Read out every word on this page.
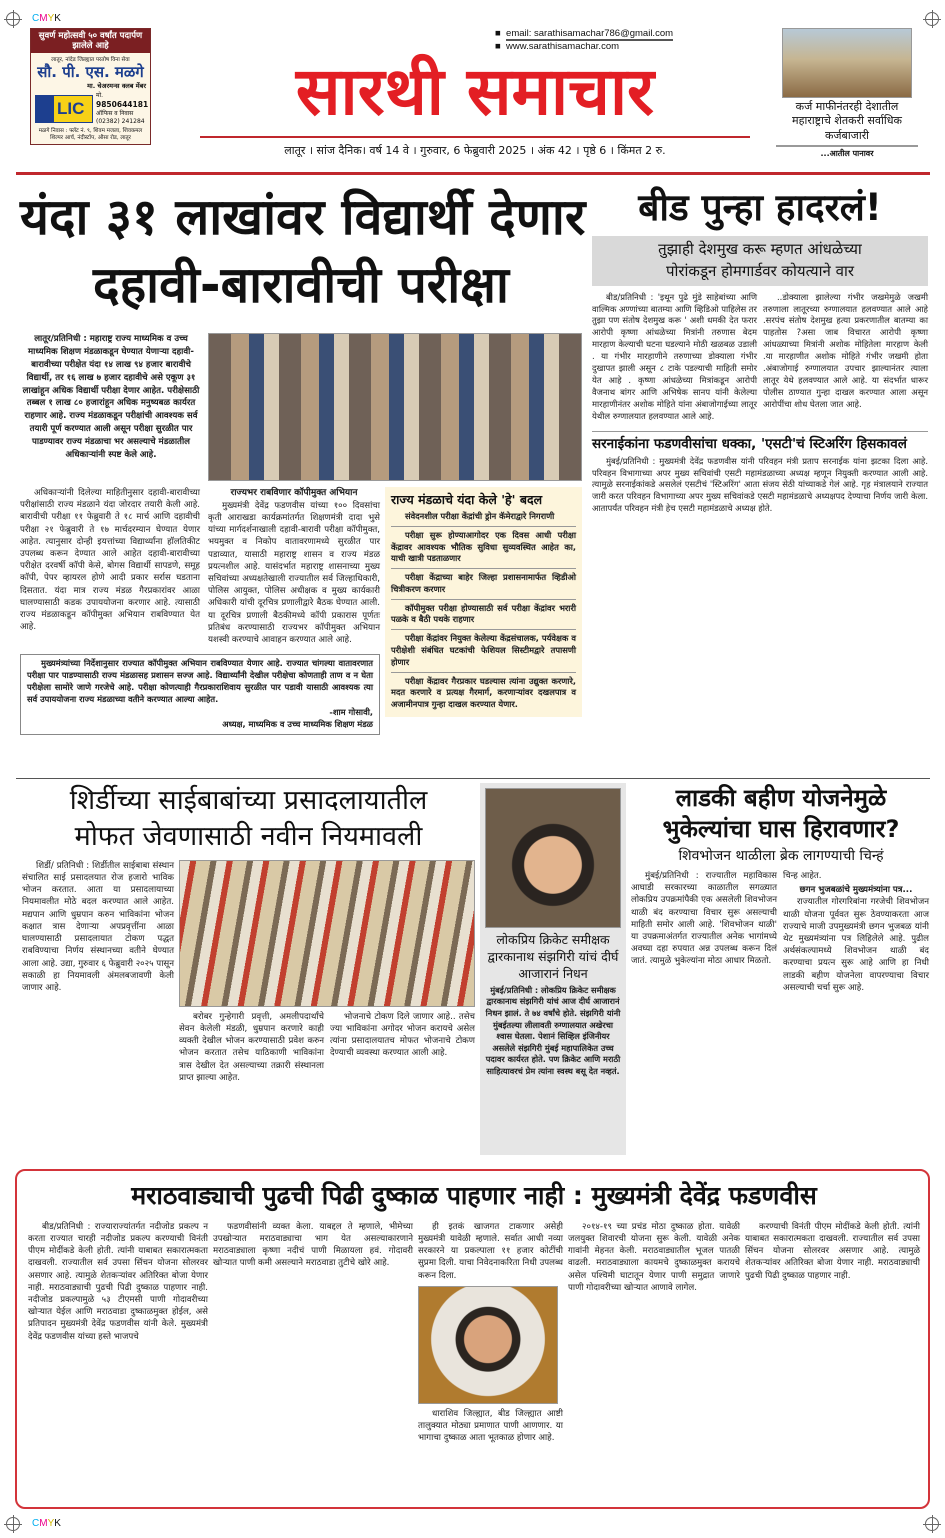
CMYK
सुवर्ण महोत्सवी ५० वर्षांत पदार्पण झालेले आहे
लातूर, नांदेड जिल्ह्यात परतोष विना सेवा
सौ. पी. एस. मळगे
मा. चेअरमन्स क्लब मेंबर
LIC
मो.
9850644181
ऑफिस व निवास
(02382) 241284
मळगे निवास : फ्लॅट नं. ९, शिवम मजला, शिवकमल शिल्पर आर्च, नंदीस्टॉप, औसा रोड, लातूर
■  email: sarathisamachar786@gmail.com
■  www.sarathisamachar.com
सारथी समाचार
लातूर । सांज दैनिक। वर्ष 14 वे । गुरुवार, 6 फेब्रुवारी 2025 । अंक 42 । पृष्ठे 6 । किंमत 2 रु.
कर्ज माफीनंतरही देशातील महाराष्ट्राचे शेतकरी सर्वाधिक कर्जबाजारी
...आतील पानावर
यंदा ३१ लाखांवर विद्यार्थी देणार
दहावी-बारावीची परीक्षा
लातूर/प्रतिनिधी : महाराष्ट्र राज्य माध्यमिक व उच्च माध्यमिक शिक्षण मंडळाकडून घेण्यात येणाऱ्या दहावी-बारावीच्या परीक्षेत यंदा १४ लाख ९४ हजार बारावीचे विद्यार्थी, तर १६ लाख ७ हजार दहावीचे असे एकूण ३१ लाखांहून अधिक विद्यार्थी परीक्षा देणार आहेत. परीक्षेसाठी तब्बल १ लाख ८० हजारांहून अधिक मनुष्यबळ कार्यरत राहणार आहे. राज्य मंडळाकडून परीक्षांची आवश्यक सर्व तयारी पूर्ण करण्यात आली असून परीक्षा सुरळीत पार पाडण्यावर राज्य मंडळाचा भर असल्याचे मंडळातील अधिकाऱ्यांनी स्पष्ट केले आहे.

अधिकाऱ्यांनी दिलेल्या माहितीनुसार दहावी-बारावीच्या परीक्षांसाठी राज्य मंडळाने यंदा जोरदार तयारी केली आहे. बारावीची परीक्षा ११ फेब्रुवारी ते १८ मार्च आणि दहावीची परीक्षा २१ फेब्रुवारी ते १७ मार्चदरम्यान घेण्यात येणार आहेत. त्यानुसार दोन्ही इयत्तांच्या विद्यार्थ्यांना हॉलतिकीट उपलब्ध करून देण्यात आले आहेत दहावी-बारावीच्या परीक्षेत दरवर्षी कॉपी केसे, बोगस विद्यार्थी सापडणे, समूह कॉपी, पेपर व्हायरल होणे आदी प्रकार सर्रास घडताना दिसतात. यंदा मात्र राज्य मंडळ गैरप्रकारांवर आळा घालण्यासाठी कडक उपाययोजना करणार आहे. त्यासाठी राज्य मंडळाकडून कॉपीमुक्त अभियान राबविण्यात येत आहे.

राज्यभर राबविणार कॉपीमुक्त अभियान

मुख्यमंत्री देवेंद्र फडणवीस यांच्या १०० दिवसांचा कृती आराखडा कार्यक्रमांतर्गत शिक्षणमंत्री दादा भुसे यांच्या मार्गदर्शनाखाली दहावी-बारावी परीक्षा कॉपीमुक्त, भयमुक्त व निकोप वातावरणामध्ये सुरळीत पार पडाव्यात, यासाठी महाराष्ट्र शासन व राज्य मंडळ प्रयत्नशील आहे. यासंदर्भात महाराष्ट्र शासनाच्या मुख्य सचिवांच्या अध्यक्षतेखाली राज्यातील सर्व जिल्हाधिकारी, पोलिस आयुक्त, पोलिस अधीक्षक व मुख्य कार्यकारी अधिकारी यांची दूरचित्र प्रणालीद्वारे बैठक घेण्यात आली. या दूरचित्र प्रणाली बैठकीमध्ये कॉपी प्रकारास पूर्णतः प्रतिबंध करण्यासाठी राज्यभर कॉपीमुक्त अभियान यशस्वी करण्याचे आवाहन करण्यात आले आहे.

मुख्यमंत्र्यांच्या निर्देशानुसार राज्यात कॉपीमुक्त अभियान राबविण्यात येणार आहे. राज्यात चांगल्या वातावरणात परीक्षा पार पाडण्यासाठी राज्य मंडळासह प्रशासन सज्ज आहे. विद्यार्थ्यांनी देखील परीक्षेचा कोणताही ताण व न घेता परीक्षेला सामोरे जाणे गरजेचे आहे. परीक्षा कोणत्याही गैरप्रकाराशिवाय सुरळीत पार पडावी यासाठी आवश्यक त्या सर्व उपाययोजना राज्य मंडळाच्या वतीने करण्यात आल्या आहेत.

-शाम गोसावी,
अध्यक्ष, माध्यमिक व उच्च माध्यमिक शिक्षण मंडळ
राज्य मंडळाचे यंदा केले 'हे' बदल

संवेदनशील परीक्षा केंद्रांची ड्रोन कॅमेराद्वारे निगराणी

परीक्षा सुरू होण्याआगोदर एक दिवस आधी परीक्षा केंद्रावर आवश्यक भौतिक सुविधा सुव्यवस्थित आहेत का, याची खात्री पडताळणार

परीक्षा केंद्राच्या बाहेर जिल्हा प्रशासनामार्फत व्हिडीओ चित्रीकरण करणार

कॉपीमुक्त परीक्षा होण्यासाठी सर्व परीक्षा केंद्रांवर भरारी पळके व बैठी पथके राहणार

परीक्षा केंद्रांवर नियुक्त केलेल्या केंद्रसंचालक, पर्यवेक्षक व परीक्षेशी संबंधित घटकांची फेशियल सिस्टीमद्वारे तपासणी होणार

परीक्षा केंद्रावर गैरप्रकार घडल्यास त्यांना उद्युक्त करणारे, मदत करणारे व प्रत्यक्ष गैरमार्ग, करणाऱ्यांवर दखलपात्र व अजामीनपात्र गुन्हा दाखल करण्यात येणार.

बीड पुन्हा हादरलं!
तुझाही देशमुख करू म्हणत आंधळेच्या
पोरांकडून होमगार्डवर कोयत्याने वार

बीड/प्रतिनिधी : 'इथून पुढे मुंडे साहेबांच्या आणि वाल्मिक अण्णांच्या बातम्या आणि व्हिडिओ पाहिलेस तर तुझा पण संतोष देशमुख करू ' अशी धमकी देत फरार आरोपी कृष्णा आंधळेच्या मित्रांनी तरुणास बेदम मारहाण केल्याची घटना घडल्याने मोठी खळबळ उडाली . या गंभीर मारहाणीने तरुणाच्या डोक्याला गंभीर दुखापत झाली असून ८ टाके पडल्याची माहिती समोर येत आहे . कृष्णा आंधळेच्या मित्रांकडून आरोपी वैजनाथ बांगर आणि अभिषेक सानप यांनी केलेल्या मारहाणीनंतर अशोक मोहिते यांना अंबाजोगाईच्या लातूर येथील रुग्णालयात हलवण्यात आले आहे.

..डोक्याला झालेल्या गंभीर जखमेमुळे जखमी तरुणाला लातूरच्या रुग्णालयात हलवण्यात आले आहे .सरपंच संतोष देशमुख हत्या प्रकरणातील बातम्या का पाहतोस ?असा जाब विचारत आरोपी कृष्णा आंधळ्याच्या मित्रांनी अशोक मोहितेला मारहाण केली .या मारहाणीत अशोक मोहिते गंभीर जखमी होता .अंबाजोगाई रुग्णालयात उपचार झाल्यानंतर त्याला लातूर येथे हलवण्यात आले आहे. या संदर्भात धारूर पोलीस ठाण्यात गुन्हा दाखल करण्यात आला असून आरोपींचा शोध घेतला जात आहे.

सरनाईकांना फडणवीसांचा धक्का, 'एसटी'चं स्टिअरिंग हिसकावलं

मुंबई/प्रतिनिधी : मुख्यमंत्री देवेंद्र फडणवीस यांनी परिवहन मंत्री प्रताप सरनाईक यांना झटका दिला आहे. परिवहन विभागाच्या अपर मुख्य सचिवांची एसटी महामंडळाच्या अध्यक्ष म्हणून नियुक्ती करण्यात आली आहे. त्यामुळे सरनाईकांकडे असलेलं एसटीचं 'स्टिअरिंग' आता संजय सेठी यांच्याकडे गेलं आहे. गृह मंत्रालयाने राज्यात जारी करत परिवहन विभागाच्या अपर मुख्य सचिवांकडे एसटी महामंडळाचे अध्यक्षपद देण्याचा निर्णय जारी केला. आतापर्यंत परिवहन मंत्री हेच एसटी महामंडळाचे अध्यक्ष होते.

शिर्डीच्या साईबाबांच्या प्रसादलायातील
मोफत जेवणासाठी नवीन नियमावली

शिर्डी/ प्रतिनिधी : शिर्डीतील साईबाबा संस्थान संचालित साई प्रसादलयात रोज हजारो भाविक भोजन करतात. आता या प्रसादलायाच्या नियमावलीत मोठे बदल करण्यात आले आहेत. मद्यपान आणि धुम्रपान करुन भाविकांना भोजन कक्षात त्रास देणाऱ्या अपप्रवृत्तींना आळा घालण्यासाठी प्रसादलायात टोकण पद्धत राबविण्याचा निर्णय संस्थानच्या वतीने घेण्यात आला आहे. उद्या, गुरुवार ६ फेब्रुवारी २०२५ पासून सकाळी हा नियमावली अंमलबजावणी केली जाणार आहे.

बरोबर गुन्हेगारी प्रवृत्ती, अमलीपदार्थांचे सेवन केलेली मंडळी, धुम्रपान करणारे काही व्यक्ती देखील भोजन करण्यासाठी प्रवेश करुन भोजन करतात तसेच याठिकाणी भाविकांना त्रास देखील देत असल्याच्या तक्रारी संस्थानला प्राप्त झाल्या आहेत.

भोजनाचे टोकण दिले जाणार आहे.. तसेच ज्या भाविकांना अगोदर भोजन करायचे असेल त्यांना प्रसादालयातच मोफत भोजनाचे टोकण देण्याची व्यवस्था करण्यात आली आहे.

लोकप्रिय क्रिकेट समीक्षक द्वारकानाथ संझगिरी यांचं दीर्घ आजारानं निधन

मुंबई/प्रतिनिधी : लोकप्रिय क्रिकेट समीक्षक द्वारकानाथ संझगिरी यांचं आज दीर्घ आजारानं निधन झालं. ते ७४ वर्षांचे होते. संझगिरी यांनी मुंबईतल्या लीलावती रुग्णालयात अखेरचा श्वास घेतला. पेशानं सिव्हिल इंजिनीयर असलेले संझगिरी मुंबई महापालिकेत उच्च पदावर कार्यरत होते. पण क्रिकेट आणि मराठी साहित्यावरचं प्रेम त्यांना स्वस्थ बसू देत नव्हतं.

लाडकी बहीण योजनेमुळे
भुकेल्यांचा घास हिरावणार?
शिवभोजन थाळीला ब्रेक लागण्याची चिन्हं

मुंबई/प्रतिनिधी : राज्यातील महाविकास आघाडी सरकारच्या काळातील सगळ्यात लोकप्रिय उपक्रमांपैकी एक असलेली शिवभोजन थाळी बंद करण्याचा विचार सुरू असल्याची माहिती समोर आली आहे. 'शिवभोजन थाळी' या उपक्रमाअंतर्गत राज्यातील अनेक भागांमध्ये अवघ्या दहा रुपयात अन्न उपलब्ध करून दिलं जातं. त्यामुळे भुकेल्यांना मोठा आधार मिळतो.

चिन्ह आहेत.

छगन भुजबळांचे मुख्यमंत्र्यांना पत्र...

राज्यातील गोरगरिबांना गरजेची शिवभोजन थाळी योजना पूर्ववत सुरू ठेवण्याकरता आज राज्याचे माजी उपमुख्यमंत्री छगन भुजबळ यांनी थेट मुख्यमंत्र्यांना पत्र लिहिलेले आहे. पुढील अर्थसंकल्पामध्ये शिवभोजन थाळी बंद करण्याचा प्रयत्न सुरू आहे आणि हा निधी लाडकी बहीण योजनेला वापरण्याचा विचार असल्याची चर्चा सुरू आहे.

मराठवाड्याची पुढची पिढी दुष्काळ पाहणार नाही : मुख्यमंत्री देवेंद्र फडणवीस

बीड/प्रतिनिधी : राज्याराज्यांतर्गत नदीजोड प्रकल्प न करता राज्यात चारही नदीजोड प्रकल्प करण्याची विनंती पीएम मोदींकडे केली होती. त्यांनी याबाबत सकारात्मकता दाखवली. राज्यातील सर्व उपसा सिंचन योजना सोलरवर असणार आहे. त्यामुळे शेतकऱ्यांवर अतिरिक्त बोजा येणार नाही. मराठवाड्याची पुढची पिढी दुष्काळ पाहणार नाही. नदीजोड प्रकल्पामुळे ५३ टीएमसी पाणी गोदावरीच्या खोऱ्यात येईल आणि मराठवाडा दुष्काळमुक्त होईल, असे प्रतिपादन मुख्यमंत्री देवेंद्र फडणवीस यांनी केले. मुख्यमंत्री देवेंद्र फडणवीस यांच्या हस्ते भाजपचे

फडणवीसांनी व्यक्त केला. याबद्दल ते म्हणाले, भीमेच्या उपखोऱ्यात मराठवाड्याचा भाग येत असल्याकारणाने मराठवाड्याला कृष्णा नदीचं पाणी मिळायला हवं. गोदावरी खोऱ्यात पाणी कमी असल्याने मराठवाडा तुटीचे खोरे आहे.

ही इतकं खाजगत टाकणार असेही मुख्यमंत्री यावेळी म्हणाले. सर्वात आधी नव्या सरकारने या प्रकल्पाला ११ हजार कोटींची सुप्रमा दिली. याचा निवेदनाकरिता निधी उपलब्ध करून दिला.

धाराशिव जिल्ह्यात, बीड जिल्ह्यात आष्टी तालुक्यात मोठ्या प्रमाणात पाणी आणणार. या भागाचा दुष्काळ आता भूतकाळ होणार आहे.

२०१४-१९ च्या प्रचंड मोठा दुष्काळ होता. यावेळी जलयुक्त शिवारची योजना सुरू केली. यावेळी अनेक गावांनी मेहनत केली. मराठवाड्यातील भूजल पातळी वाढली. मराठवाड्याला कायमचे दुष्काळमुक्त करायचे असेल पश्चिमी घाटातून येणार पाणी समुद्रात जाणारे पाणी गोदावरीच्या खोऱ्यात आणावे लागेल.

करण्याची विनंती पीएम मोदींकडे केली होती. त्यांनी याबाबत सकारात्मकता दाखवली. राज्यातील सर्व उपसा सिंचन योजना सोलरवर असणार आहे. त्यामुळे शेतकऱ्यांवर अतिरिक्त बोजा येणार नाही. मराठवाड्याची पुढची पिढी दुष्काळ पाहणार नाही.

CMYK
